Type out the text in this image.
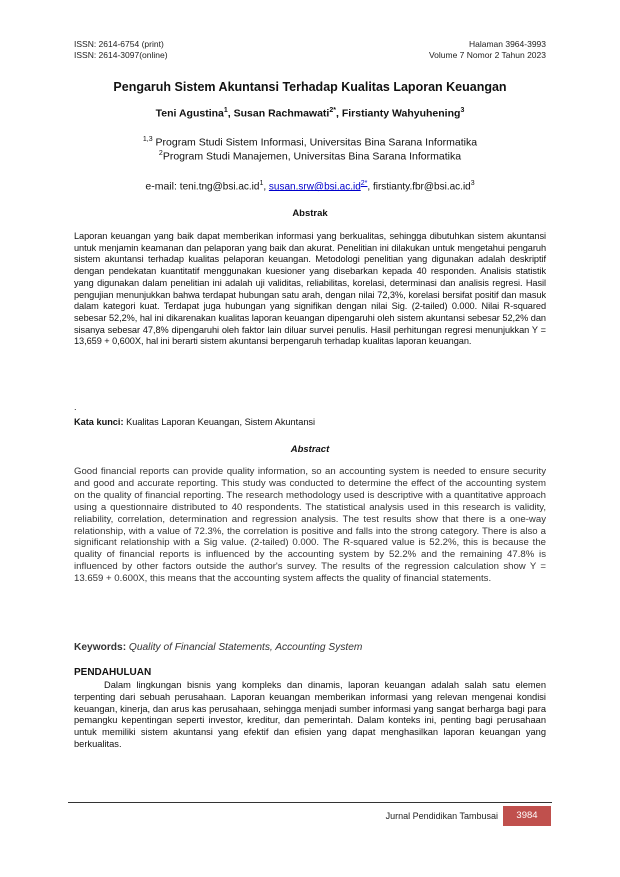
ISSN: 2614-6754 (print)
ISSN: 2614-3097(online)
Halaman 3964-3993
Volume 7 Nomor 2 Tahun 2023
Pengaruh Sistem Akuntansi Terhadap Kualitas Laporan Keuangan
Teni Agustina$^1$, Susan Rachmawati$^{2*}$, Firstianty Wahyuhening$^3$
$^{1,3}$ Program Studi Sistem Informasi, Universitas Bina Sarana Informatika
$^2$Program Studi Manajemen, Universitas Bina Sarana Informatika
e-mail: $teni.tng@bsi.ac.id^1$, $susan.srw@bsi.ac.id^{2*}$, $firstianty.fbr@bsi.ac.id^3$
Abstrak
Laporan keuangan yang baik dapat memberikan informasi yang berkualitas, sehingga dibutuhkan sistem akuntansi untuk menjamin keamanan dan pelaporan yang baik dan akurat. Penelitian ini dilakukan untuk mengetahui pengaruh sistem akuntansi terhadap kualitas pelaporan keuangan. Metodologi penelitian yang digunakan adalah deskriptif dengan pendekatan kuantitatif menggunakan kuesioner yang disebarkan kepada 40 responden. Analisis statistik yang digunakan dalam penelitian ini adalah uji validitas, reliabilitas, korelasi, determinasi dan analisis regresi. Hasil pengujian menunjukkan bahwa terdapat hubungan satu arah, dengan nilai 72,3%, korelasi bersifat positif dan masuk dalam kategori kuat. Terdapat juga hubungan yang signifikan dengan nilai Sig. (2-tailed) 0.000. Nilai R-squared sebesar 52,2%, hal ini dikarenakan kualitas laporan keuangan dipengaruhi oleh sistem akuntansi sebesar 52,2% dan sisanya sebesar 47,8% dipengaruhi oleh faktor lain diluar survei penulis. Hasil perhitungan regresi menunjukkan Y = 13,659 + 0,600X, hal ini berarti sistem akuntansi berpengaruh terhadap kualitas laporan keuangan.
.
Kata kunci: Kualitas Laporan Keuangan, Sistem Akuntansi
Abstract
Good financial reports can provide quality information, so an accounting system is needed to ensure security and good and accurate reporting. This study was conducted to determine the effect of the accounting system on the quality of financial reporting. The research methodology used is descriptive with a quantitative approach using a questionnaire distributed to 40 respondents. The statistical analysis used in this research is validity, reliability, correlation, determination and regression analysis. The test results show that there is a one-way relationship, with a value of 72.3%, the correlation is positive and falls into the strong category. There is also a significant relationship with a Sig value. (2-tailed) 0.000. The R-squared value is 52.2%, this is because the quality of financial reports is influenced by the accounting system by 52.2% and the remaining 47.8% is influenced by other factors outside the author's survey. The results of the regression calculation show Y = 13.659 + 0.600X, this means that the accounting system affects the quality of financial statements.
Keywords: Quality of Financial Statements, Accounting System
PENDAHULUAN
Dalam lingkungan bisnis yang kompleks dan dinamis, laporan keuangan adalah salah satu elemen terpenting dari sebuah perusahaan. Laporan keuangan memberikan informasi yang relevan mengenai kondisi keuangan, kinerja, dan arus kas perusahaan, sehingga menjadi sumber informasi yang sangat berharga bagi para pemangku kepentingan seperti investor, kreditur, dan pemerintah. Dalam konteks ini, penting bagi perusahaan untuk memiliki sistem akuntansi yang efektif dan efisien yang dapat menghasilkan laporan keuangan yang berkualitas.
Jurnal Pendidikan Tambusai	3984
